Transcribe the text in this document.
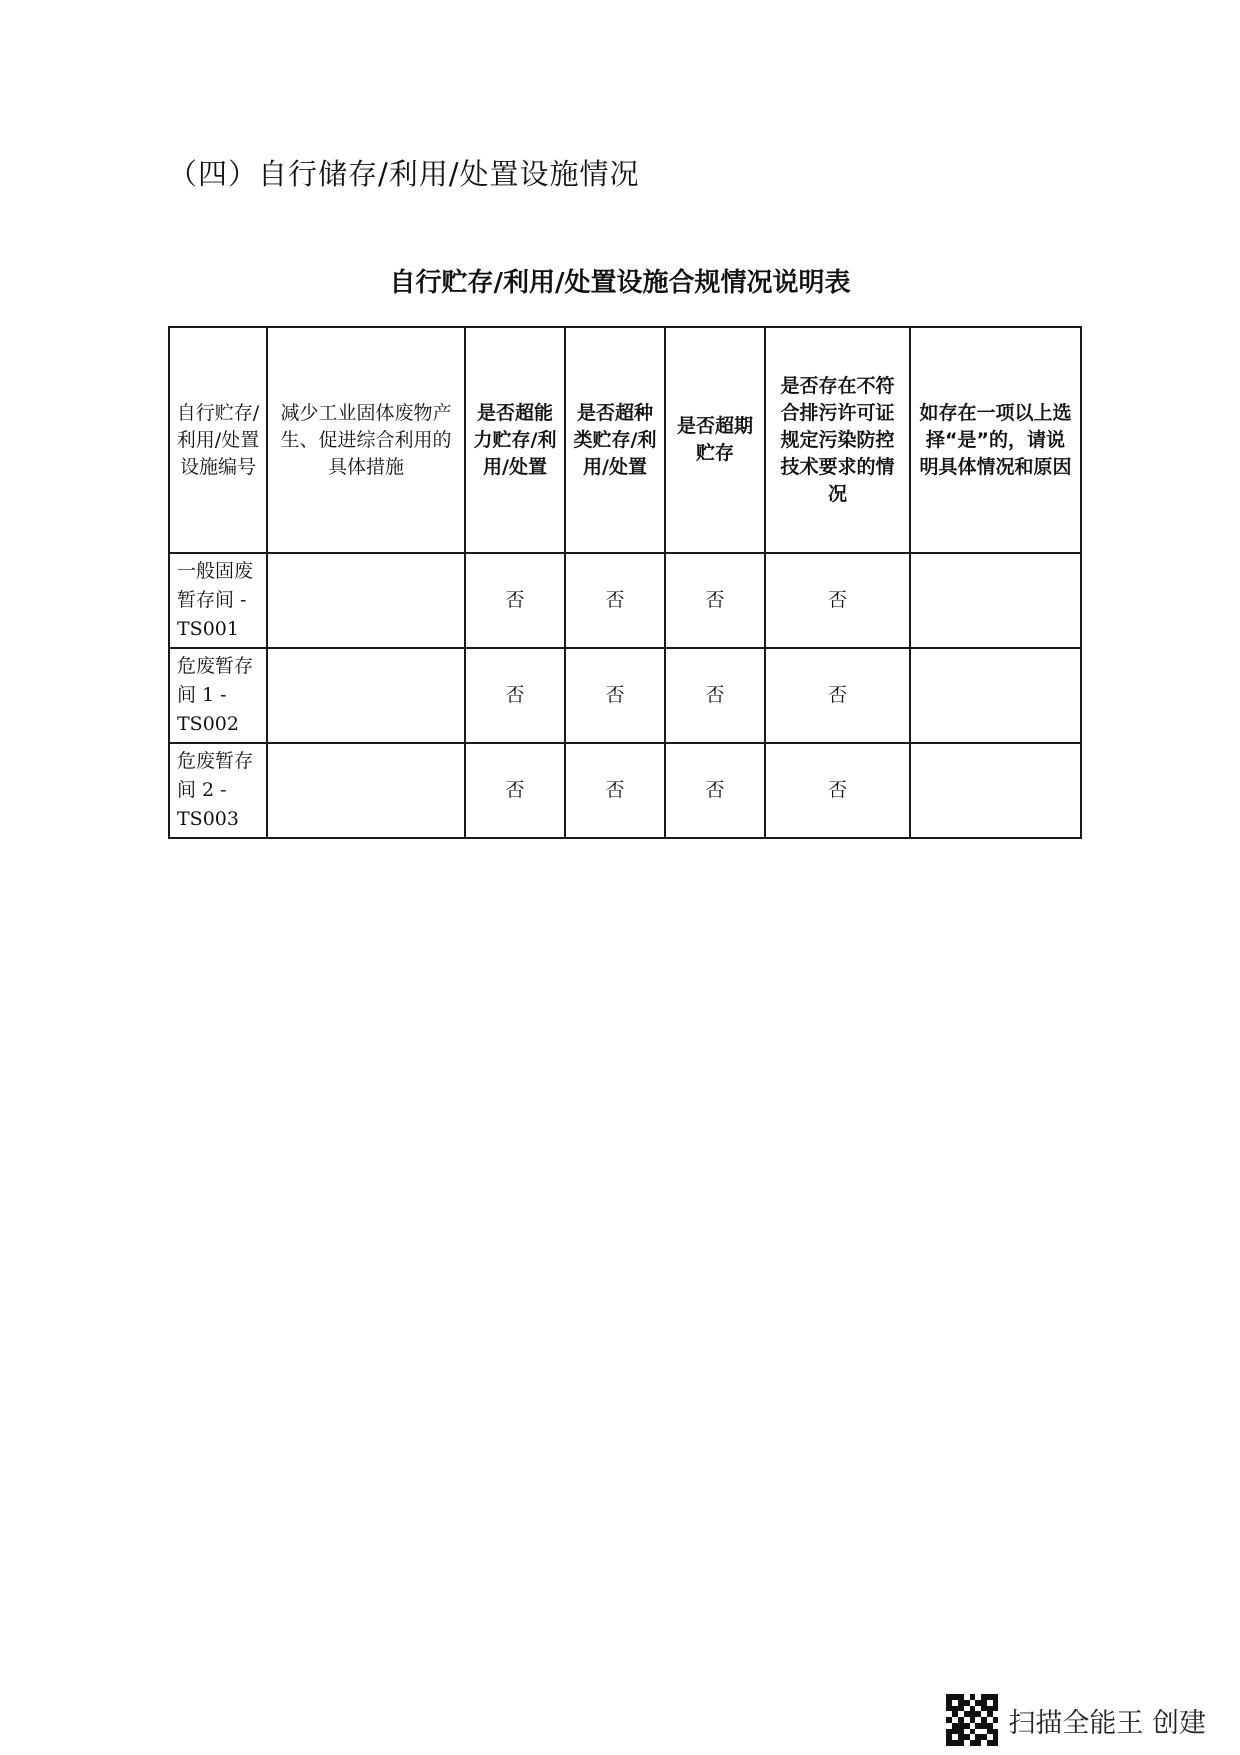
（四）自行储存/利用/处置设施情况
自行贮存/利用/处置设施合规情况说明表
自行贮存/利用/处置设施编号	减少工业固体废物产生、促进综合利用的具体措施	是否超能力贮存/利用/处置	是否超种类贮存/利用/处置	是否超期贮存	是否存在不符合排污许可证规定污染防控技术要求的情况	如存在一项以上选择“是”的，请说明具体情况和原因
一般固废暂存间 -TS001		否	否	否	否	
危废暂存间 1 -TS002		否	否	否	否	
危废暂存间 2 -TS003		否	否	否	否	
扫描全能王 创建
